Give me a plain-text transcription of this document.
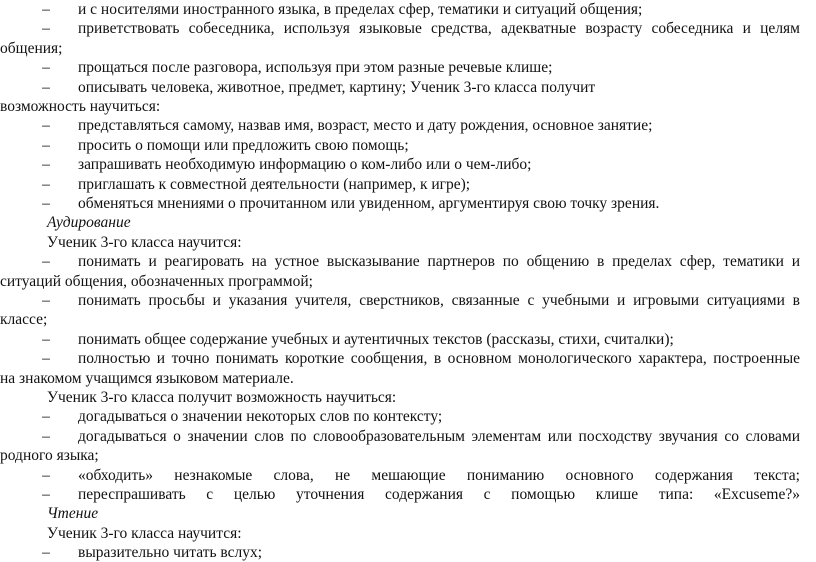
– и с носителями иностранного языка, в пределах сфер, тематики и ситуаций общения;
– приветствовать собеседника, используя языковые средства, адекватные возрасту собеседника и целям
общения;
– прощаться после разговора, используя при этом разные речевые клише;
– описывать человека, животное, предмет, картину; Ученик 3-го класса получит
возможность научиться:
– представляться самому, назвав имя, возраст, место и дату рождения, основное занятие;
– просить о помощи или предложить свою помощь;
– запрашивать необходимую информацию о ком-либо или о чем-либо;
– приглашать к совместной деятельности (например, к игре);
– обменяться мнениями о прочитанном или увиденном, аргументируя свою точку зрения.
Аудирование
Ученик 3-го класса научится:
– понимать и реагировать на устное высказывание партнеров по общению в пределах сфер, тематики и
ситуаций общения, обозначенных программой;
– понимать просьбы и указания учителя, сверстников, связанные с учебными и игровыми ситуациями в
классе;
– понимать общее содержание учебных и аутентичных текстов (рассказы, стихи, считалки);
– полностью и точно понимать короткие сообщения, в основном монологического характера, построенные
на знакомом учащимся языковом материале.
Ученик 3-го класса получит возможность научиться:
– догадываться о значении некоторых слов по контексту;
– догадываться о значении слов по словообразовательным элементам или посходству звучания со словами
родного языка;
– «обходить» незнакомые слова, не мешающие пониманию основного содержания текста;
– переспрашивать с целью уточнения содержания с помощью клише типа: «Excuseme?»
Чтение
Ученик 3-го класса научится:
– выразительно читать вслух;
